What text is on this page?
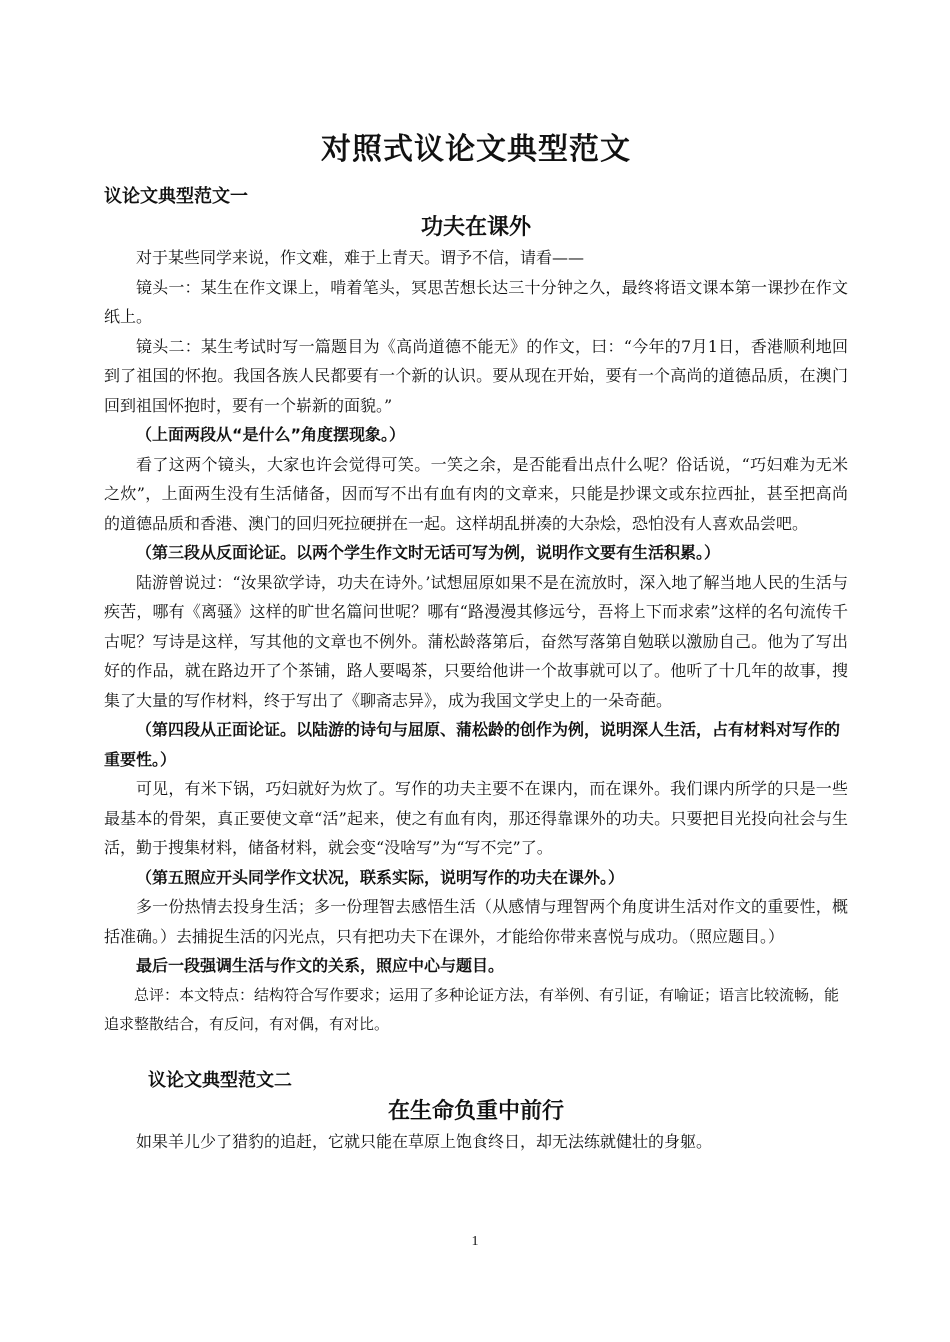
对照式议论文典型范文
议论文典型范文一
功夫在课外

对于某些同学来说，作文难，难于上青天。谓予不信，请看——

镜头一：某生在作文课上，啃着笔头，冥思苦想长达三十分钟之久，最终将语文课本第一课抄在作文纸上。

镜头二：某生考试时写一篇题目为《高尚道德不能无》的作文，曰：“今年的7月1日，香港顺利地回到了祖国的怀抱。我国各族人民都要有一个新的认识。要从现在开始，要有一个高尚的道德品质，在澳门回到祖国怀抱时，要有一个崭新的面貌。”

（上面两段从“是什么”角度摆现象。）

看了这两个镜头，大家也许会觉得可笑。一笑之余，是否能看出点什么呢？俗话说，“巧妇难为无米之炊”，上面两生没有生活储备，因而写不出有血有肉的文章来，只能是抄课文或东拉西扯，甚至把高尚的道德品质和香港、澳门的回归死拉硬拼在一起。这样胡乱拼凑的大杂烩，恐怕没有人喜欢品尝吧。

（第三段从反面论证。以两个学生作文时无话可写为例，说明作文要有生活积累。）

陆游曾说过：“汝果欲学诗，功夫在诗外。’试想屈原如果不是在流放时，深入地了解当地人民的生活与疾苦，哪有《离骚》这样的旷世名篇问世呢？哪有“路漫漫其修远兮，吾将上下而求索”这样的名句流传千古呢？写诗是这样，写其他的文章也不例外。蒲松龄落第后，奋然写落第自勉联以激励自己。他为了写出好的作品，就在路边开了个茶铺，路人要喝茶，只要给他讲一个故事就可以了。他听了十几年的故事，搜集了大量的写作材料，终于写出了《聊斋志异》，成为我国文学史上的一朵奇葩。

（第四段从正面论证。以陆游的诗句与屈原、蒲松龄的创作为例，说明深人生活，占有材料对写作的重要性。）

可见，有米下锅，巧妇就好为炊了。写作的功夫主要不在课内，而在课外。我们课内所学的只是一些最基本的骨架，真正要使文章“活”起来，使之有血有肉，那还得靠课外的功夫。只要把目光投向社会与生活，勤于搜集材料，储备材料，就会变“没啥写”为“写不完”了。

（第五照应开头同学作文状况，联系实际，说明写作的功夫在课外。）

多一份热情去投身生活；多一份理智去感悟生活（从感情与理智两个角度讲生活对作文的重要性，概括准确。）去捕捉生活的闪光点，只有把功夫下在课外，才能给你带来喜悦与成功。（照应题目。）

最后一段强调生活与作文的关系，照应中心与题目。

总评：本文特点：结构符合写作要求；运用了多种论证方法，有举例、有引证，有喻证；语言比较流畅，能追求整散结合，有反问，有对偶，有对比。

议论文典型范文二
在生命负重中前行

如果羊儿少了猎豹的追赶，它就只能在草原上饱食终日，却无法练就健壮的身躯。

1
